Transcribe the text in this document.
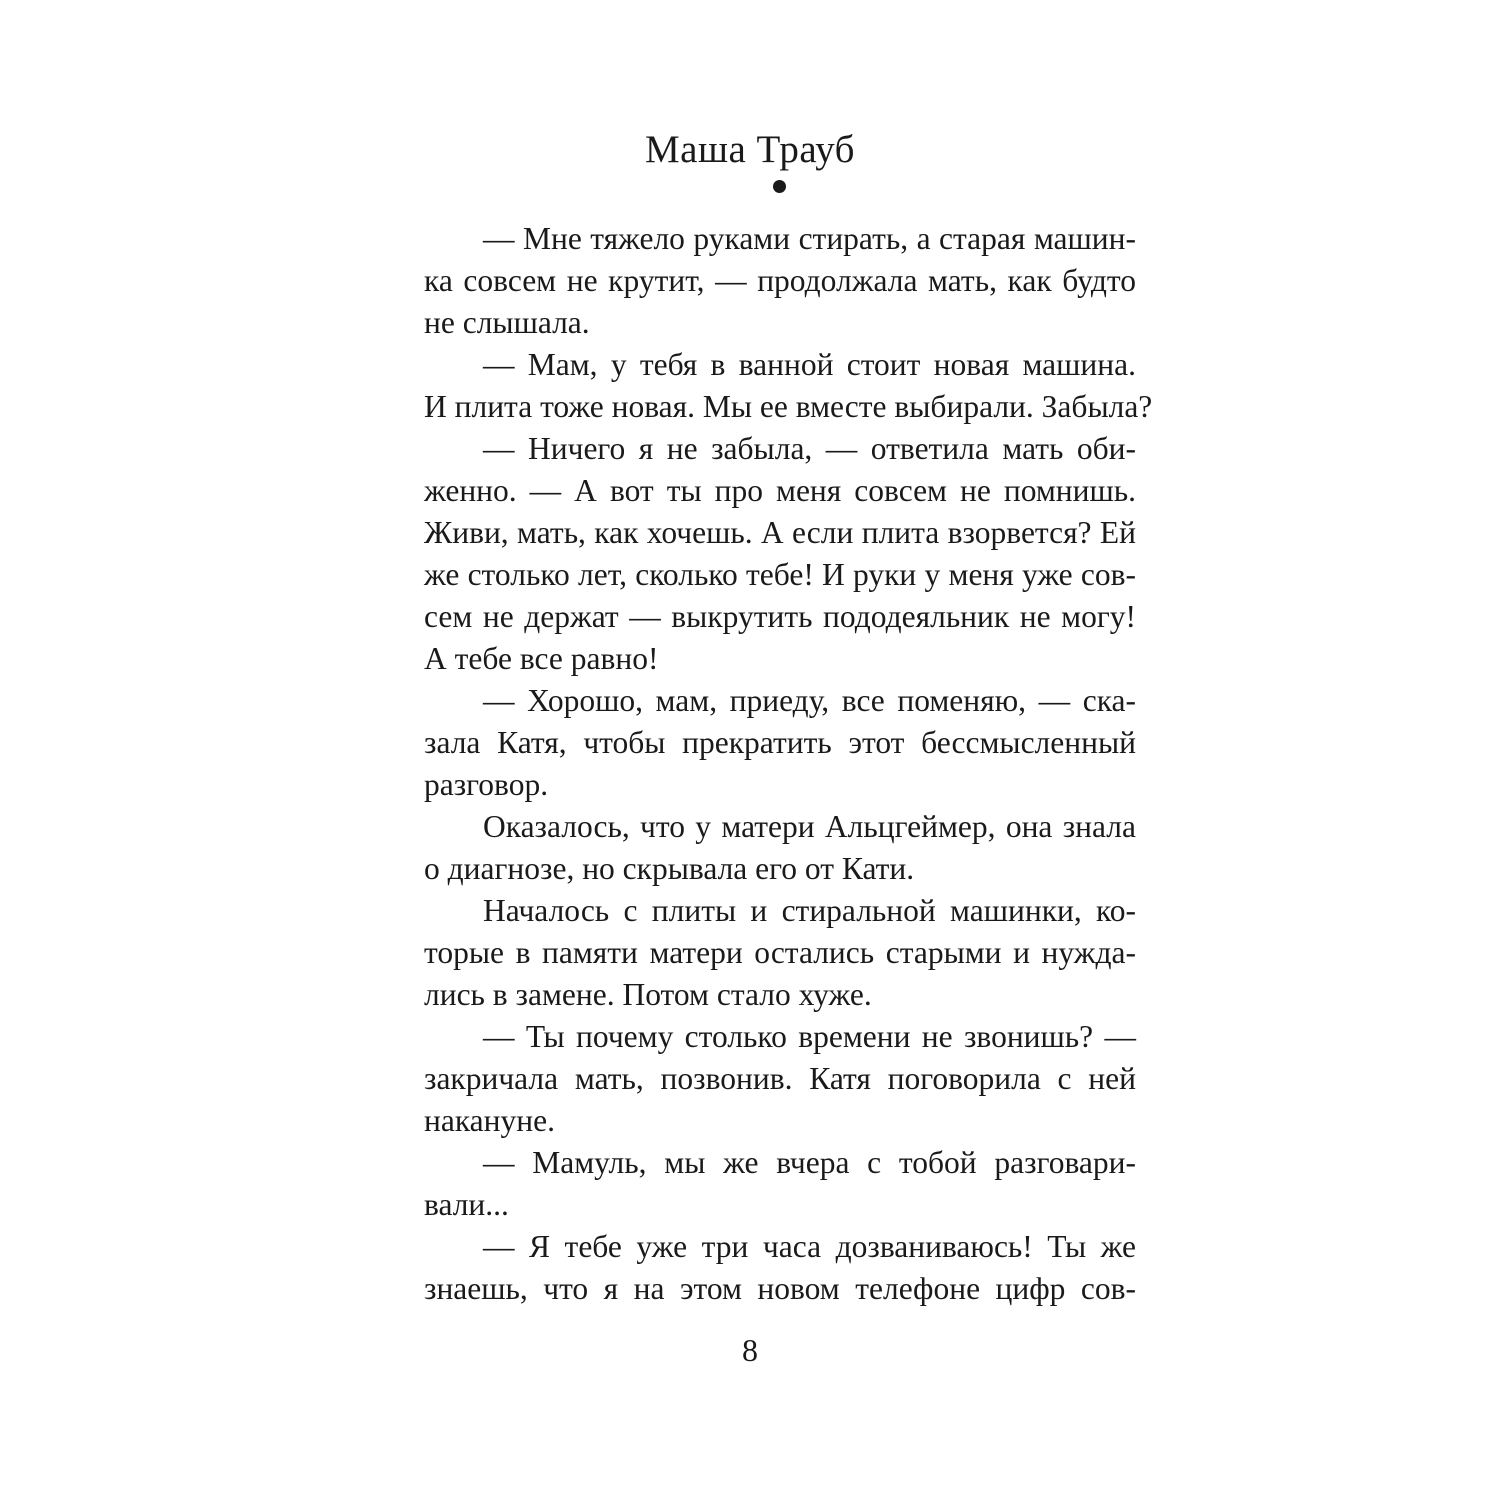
Маша Трауб
— Мне тяжело руками стирать, а старая машин-
ка совсем не крутит, — продолжала мать, как будто
не слышала.
— Мам, у тебя в ванной стоит новая машина.
И плита тоже новая. Мы ее вместе выбирали. Забыла?
— Ничего я не забыла, — ответила мать оби-
женно. — А вот ты про меня совсем не помнишь.
Живи, мать, как хочешь. А если плита взорвется? Ей
же столько лет, сколько тебе! И руки у меня уже сов-
сем не держат — выкрутить пододеяльник не могу!
А тебе все равно!
— Хорошо, мам, приеду, все поменяю, — ска-
зала Катя, чтобы прекратить этот бессмысленный
разговор.
Оказалось, что у матери Альцгеймер, она знала
о диагнозе, но скрывала его от Кати.
Началось с плиты и стиральной машинки, ко-
торые в памяти матери остались старыми и нужда-
лись в замене. Потом стало хуже.
— Ты почему столько времени не звонишь? —
закричала мать, позвонив. Катя поговорила с ней
накануне.
— Мамуль, мы же вчера с тобой разговари-
вали...
— Я тебе уже три часа дозваниваюсь! Ты же
знаешь, что я на этом новом телефоне цифр сов-
8
